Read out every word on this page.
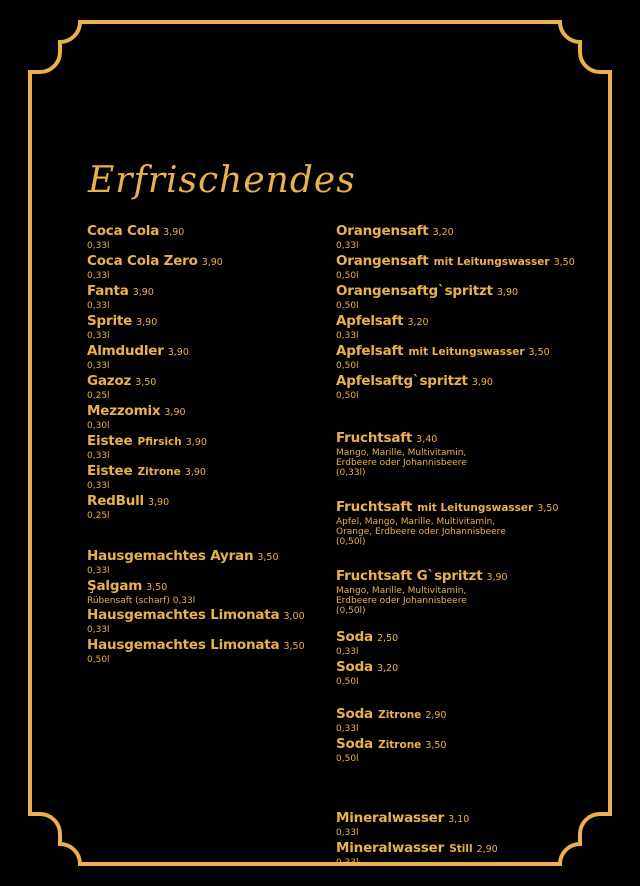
Erfrischendes
Coca Cola 3,90
0,33l
Coca Cola Zero 3,90
0,33l
Fanta 3,90
0,33l
Sprite 3,90
0,33l
Almdudler 3,90
0,33l
Gazoz 3,50
0,25l
Mezzomix 3,90
0,30l
Eistee Pfirsich 3,90
0,33l
Eistee Zitrone 3,90
0,33l
RedBull 3,90
0,25l
Hausgemachtes Ayran 3,50
0,33l
Şalgam 3,50
Rübensaft (scharf) 0,33l
Hausgemachtes Limonata 3,00
0,33l
Hausgemachtes Limonata 3,50
0,50l
Orangensaft 3,20
0,33l
Orangensaft mit Leitungswasser 3,50
0,50l
Orangensaftg`spritzt 3,90
0,50l
Apfelsaft 3,20
0,33l
Apfelsaft mit Leitungswasser 3,50
0,50l
Apfelsaftg`spritzt 3,90
0,50l
Fruchtsaft 3,40
Mango, Marille, Multivitamin,
Erdbeere oder Johannisbeere
(0,33l)
Fruchtsaft mit Leitungswasser 3,50
Apfel, Mango, Marille, Multivitamin,
Orange, Erdbeere oder Johannisbeere
(0,50l)
Fruchtsaft G`spritzt 3,90
Mango, Marille, Multivitamin,
Erdbeere oder Johannisbeere
(0,50l)
Soda 2,50
0,33l
Soda 3,20
0,50l
Soda Zitrone 2,90
0,33l
Soda Zitrone 3,50
0,50l
Mineralwasser 3,10
0,33l
Mineralwasser Still 2,90
0,33l
